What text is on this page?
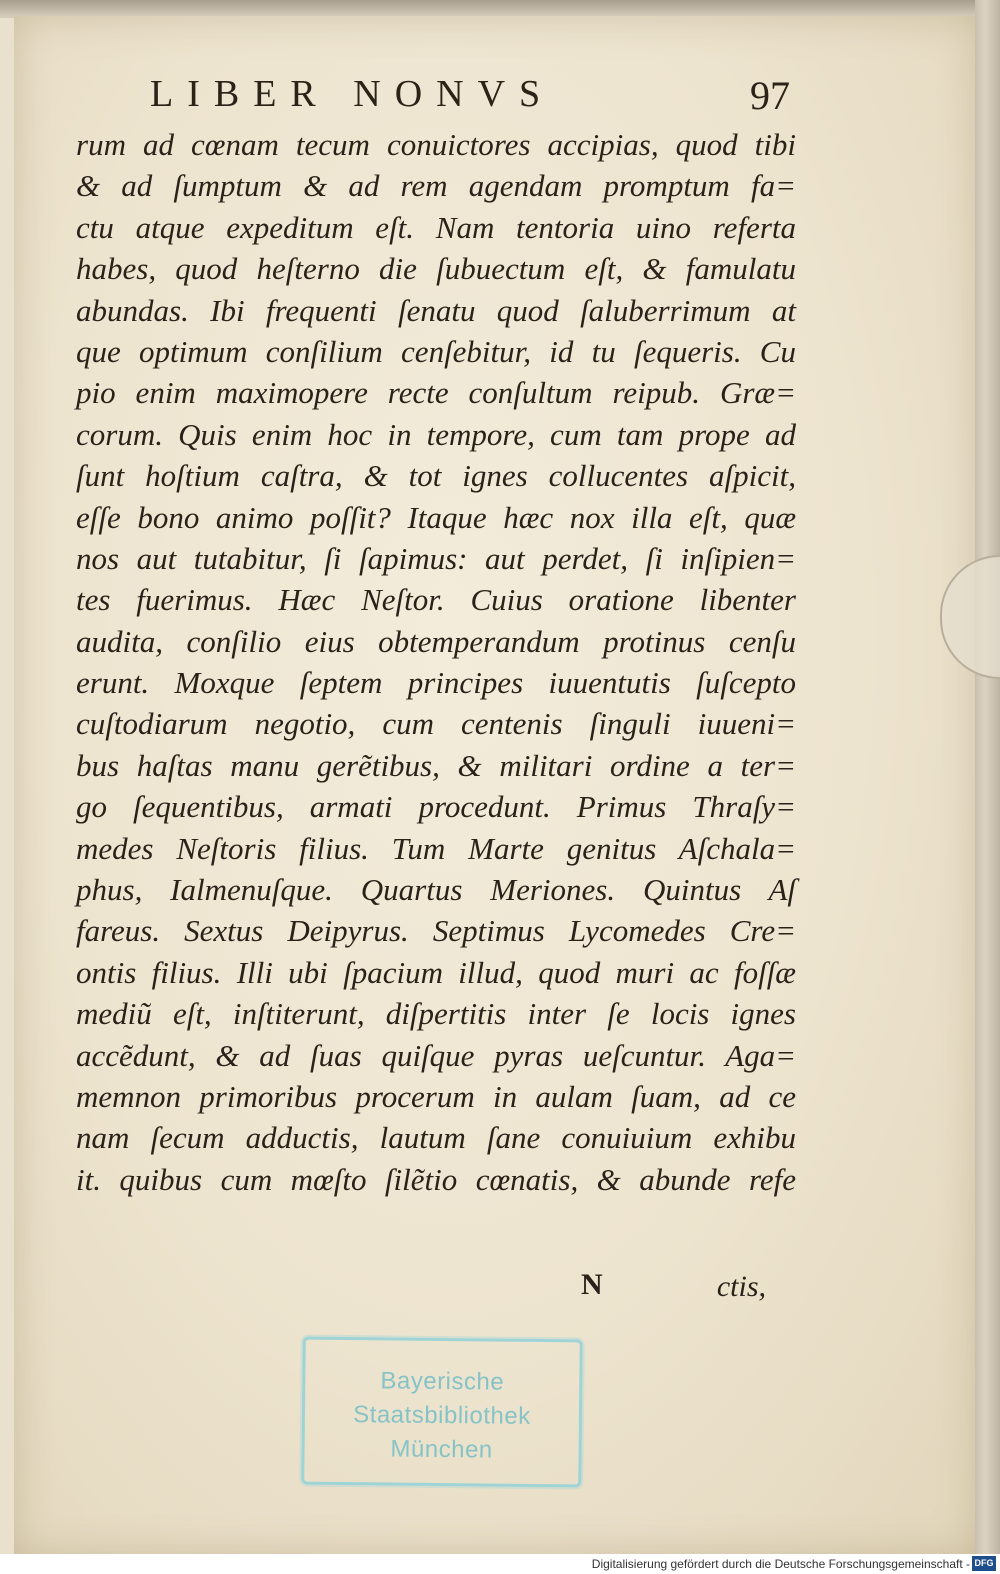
LIBER NONVS	97
rum ad cœnam tecum conuictores accipias, quod tibi
& ad ſumptum & ad rem agendam promptum fa=
ctu atque expeditum eſt. Nam tentoria uino referta
habes, quod heſterno die ſubuectum eſt, & famulatu
abundas. Ibi frequenti ſenatu quod ſaluberrimum at
que optimum conſilium cenſebitur, id tu ſequeris. Cu
pio enim maximopere recte conſultum reipub. Græ=
corum. Quis enim hoc in tempore, cum tam prope ad
ſunt hoſtium caſtra, & tot ignes collucentes aſpicit,
eſſe bono animo poſſit? Itaque hæc nox illa eſt, quæ
nos aut tutabitur, ſi ſapimus: aut perdet, ſi inſipien=
tes fuerimus. Hæc Neſtor. Cuius oratione libenter
audita, conſilio eius obtemperandum protinus cenſu
erunt. Moxque ſeptem principes iuuentutis ſuſcepto
cuſtodiarum negotio, cum centenis ſinguli iuueni=
bus haſtas manu gerẽtibus, & militari ordine a ter=
go ſequentibus, armati procedunt. Primus Thraſy=
medes Neſtoris filius. Tum Marte genitus Aſchala=
phus, Ialmenuſque. Quartus Meriones. Quintus Aſ
fareus. Sextus Deipyrus. Septimus Lycomedes Cre=
ontis filius. Illi ubi ſpacium illud, quod muri ac foſſæ
mediũ eſt, inſtiterunt, diſpertitis inter ſe locis ignes
accẽdunt, & ad ſuas quiſque pyras ueſcuntur. Aga=
memnon primoribus procerum in aulam ſuam, ad ce
nam ſecum adductis, lautum ſane conuiuium exhibu
it. quibus cum mœſto ſilẽtio cœnatis, & abunde refe
N	ctis,
Bayerische
Staatsbibliothek
München
Digitalisierung gefördert durch die Deutsche Forschungsgemeinschaft - DFG
